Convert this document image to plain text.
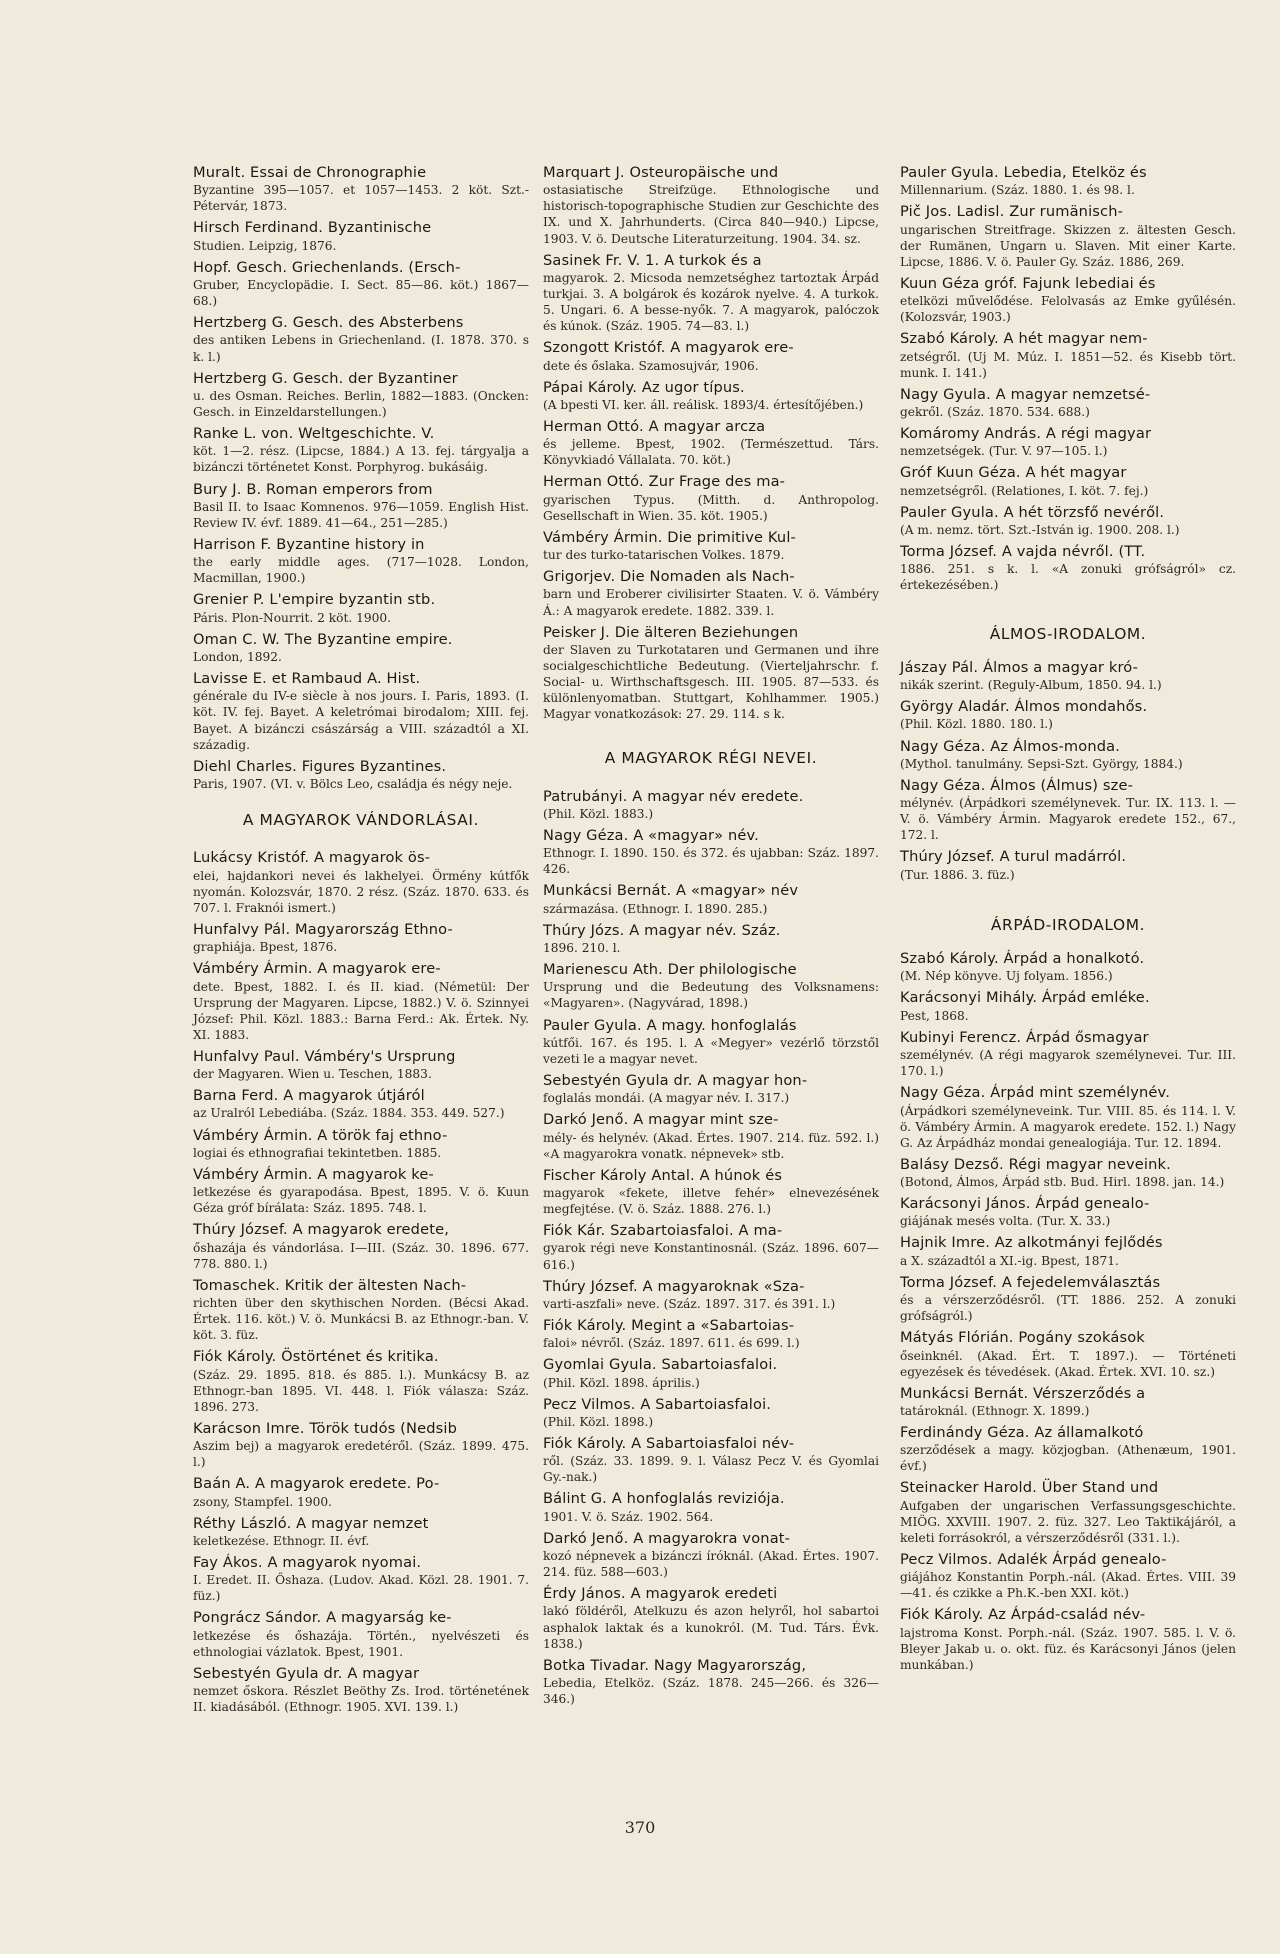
Muralt. Essai de Chronographie
Byzantine 395—1057. et 1057—1453. 2 köt. Szt.-Pétervár, 1873.
Hirsch Ferdinand. Byzantinische
Studien. Leipzig, 1876.
Hopf. Gesch. Griechenlands. (Ersch-
Gruber, Encyclopädie. I. Sect. 85—86. köt.) 1867—68.)
Hertzberg G. Gesch. des Absterbens
des antiken Lebens in Griechenland. (I. 1878. 370. s k. l.)
Hertzberg G. Gesch. der Byzantiner
u. des Osman. Reiches. Berlin, 1882—1883. (Oncken: Gesch. in Einzeldarstellungen.)
Ranke L. von. Weltgeschichte. V.
köt. 1—2. rész. (Lipcse, 1884.) A 13. fej. tárgyalja a bizánczi történetet Konst. Porphyrog. bukásáig.
Bury J. B. Roman emperors from
Basil II. to Isaac Komnenos. 976—1059. English Hist. Review IV. évf. 1889. 41—64., 251—285.)
Harrison F. Byzantine history in
the early middle ages. (717—1028. London, Macmillan, 1900.)
Grenier P. L'empire byzantin stb.
Páris. Plon-Nourrit. 2 köt. 1900.
Oman C. W. The Byzantine empire.
London, 1892.
Lavisse E. et Rambaud A. Hist.
générale du IV-e siècle à nos jours. I. Paris, 1893. (I. köt. IV. fej. Bayet. A keletrómai birodalom; XIII. fej. Bayet. A bizánczi császárság a VIII. századtól a XI. századig.
Diehl Charles. Figures Byzantines.
Paris, 1907. (VI. v. Bölcs Leo, családja és négy neje.
A MAGYAROK VÁNDORLÁSAI.
Lukácsy Kristóf. A magyarok ös-
elei, hajdankori nevei és lakhelyei. Örmény kútfők nyomán. Kolozsvár, 1870. 2 rész. (Száz. 1870. 633. és 707. l. Fraknói ismert.)
Hunfalvy Pál. Magyarország Ethno-
graphiája. Bpest, 1876.
Vámbéry Ármin. A magyarok ere-
dete. Bpest, 1882. I. és II. kiad. (Németül: Der Ursprung der Magyaren. Lipcse, 1882.) V. ö. Szinnyei József: Phil. Közl. 1883.: Barna Ferd.: Ak. Értek. Ny. XI. 1883.
Hunfalvy Paul. Vámbéry's Ursprung
der Magyaren. Wien u. Teschen, 1883.
Barna Ferd. A magyarok útjáról
az Uralról Lebediába. (Száz. 1884. 353. 449. 527.)
Vámbéry Ármin. A török faj ethno-
logiai és ethnografiai tekintetben. 1885.
Vámbéry Ármin. A magyarok ke-
letkezése és gyarapodása. Bpest, 1895. V. ö. Kuun Géza gróf bírálata: Száz. 1895. 748. l.
Thúry József. A magyarok eredete,
őshazája és vándorlása. I—III. (Száz. 30. 1896. 677. 778. 880. l.)
Tomaschek. Kritik der ältesten Nach-
richten über den skythischen Norden. (Bécsi Akad. Értek. 116. köt.) V. ö. Munkácsi B. az Ethnogr.-ban. V. köt. 3. füz.
Fiók Károly. Östörténet és kritika.
(Száz. 29. 1895. 818. és 885. l.). Munkácsy B. az Ethnogr.-ban 1895. VI. 448. l. Fiók válasza: Száz. 1896. 273.
Karácson Imre. Török tudós (Nedsib
Aszim bej) a magyarok eredetéről. (Száz. 1899. 475. l.)
Baán A. A magyarok eredete. Po-
zsony, Stampfel. 1900.
Réthy László. A magyar nemzet
keletkezése. Ethnogr. II. évf.
Fay Ákos. A magyarok nyomai.
I. Eredet. II. Őshaza. (Ludov. Akad. Közl. 28. 1901. 7. füz.)
Pongrácz Sándor. A magyarság ke-
letkezése és őshazája. Történ., nyelvészeti és ethnologiai vázlatok. Bpest, 1901.
Sebestyén Gyula dr. A magyar
nemzet őskora. Részlet Beöthy Zs. Irod. történetének II. kiadásából. (Ethnogr. 1905. XVI. 139. l.)
Marquart J. Osteuropäische und
ostasiatische Streifzüge. Ethnologische und historisch-topographische Studien zur Geschichte des IX. und X. Jahrhunderts. (Circa 840—940.) Lipcse, 1903. V. ö. Deutsche Literaturzeitung. 1904. 34. sz.
Sasinek Fr. V. 1. A turkok és a
magyarok. 2. Micsoda nemzetséghez tartoztak Árpád turkjai. 3. A bolgárok és kozárok nyelve. 4. A turkok. 5. Ungari. 6. A besse-nyők. 7. A magyarok, palóczok és kúnok. (Száz. 1905. 74—83. l.)
Szongott Kristóf. A magyarok ere-
dete és őslaka. Szamosujvár, 1906.
Pápai Károly. Az ugor típus.
(A bpesti VI. ker. áll. reálisk. 1893/4. értesítőjében.)
Herman Ottó. A magyar arcza
és jelleme. Bpest, 1902. (Természettud. Társ. Könyvkiadó Vállalata. 70. köt.)
Herman Ottó. Zur Frage des ma-
gyarischen Typus. (Mitth. d. Anthropolog. Gesellschaft in Wien. 35. köt. 1905.)
Vámbéry Ármin. Die primitive Kul-
tur des turko-tatarischen Volkes. 1879.
Grigorjev. Die Nomaden als Nach-
barn und Eroberer civilisirter Staaten. V. ö. Vámbéry Á.: A magyarok eredete. 1882. 339. l.
Peisker J. Die älteren Beziehungen
der Slaven zu Turkotataren und Germanen und ihre socialgeschichtliche Bedeutung. (Vierteljahrschr. f. Social- u. Wirthschaftsgesch. III. 1905. 87—533. és különlenyomatban. Stuttgart, Kohlhammer. 1905.) Magyar vonatkozások: 27. 29. 114. s k.
A MAGYAROK RÉGI NEVEI.
Patrubányi. A magyar név eredete.
(Phil. Közl. 1883.)
Nagy Géza. A «magyar» név.
Ethnogr. I. 1890. 150. és 372. és ujabban: Száz. 1897. 426.
Munkácsi Bernát. A «magyar» név
származása. (Ethnogr. I. 1890. 285.)
Thúry Józs. A magyar név. Száz.
1896. 210. l.
Marienescu Ath. Der philologische
Ursprung und die Bedeutung des Volksnamens: «Magyaren». (Nagyvárad, 1898.)
Pauler Gyula. A magy. honfoglalás
kútfői. 167. és 195. l. A «Megyer» vezérlő törzstől vezeti le a magyar nevet.
Sebestyén Gyula dr. A magyar hon-
foglalás mondái. (A magyar név. I. 317.)
Darkó Jenő. A magyar mint sze-
mély- és helynév. (Akad. Értes. 1907. 214. füz. 592. l.) «A magyarokra vonatk. népnevek» stb.
Fischer Károly Antal. A húnok és
magyarok «fekete, illetve fehér» elnevezésének megfejtése. (V. ö. Száz. 1888. 276. l.)
Fiók Kár. Szabartoiasfaloi. A ma-
gyarok régi neve Konstantinosnál. (Száz. 1896. 607—616.)
Thúry József. A magyaroknak «Sza-
varti-aszfali» neve. (Száz. 1897. 317. és 391. l.)
Fiók Károly. Megint a «Sabartoias-
faloi» névről. (Száz. 1897. 611. és 699. l.)
Gyomlai Gyula. Sabartoiasfaloi.
(Phil. Közl. 1898. április.)
Pecz Vilmos. A Sabartoiasfaloi.
(Phil. Közl. 1898.)
Fiók Károly. A Sabartoiasfaloi név-
ről. (Száz. 33. 1899. 9. l. Válasz Pecz V. és Gyomlai Gy.-nak.)
Bálint G. A honfoglalás reviziója.
1901. V. ö. Száz. 1902. 564.
Darkó Jenő. A magyarokra vonat-
kozó népnevek a bizánczi íróknál. (Akad. Értes. 1907. 214. füz. 588—603.)
Érdy János. A magyarok eredeti
lakó földéről, Atelkuzu és azon helyről, hol sabartoi asphalok laktak és a kunokról. (M. Tud. Társ. Évk. 1838.)
Botka Tivadar. Nagy Magyarország,
Lebedia, Etelköz. (Száz. 1878. 245—266. és 326—346.)
Pauler Gyula. Lebedia, Etelköz és
Millennarium. (Száz. 1880. 1. és 98. l.
Pič Jos. Ladisl. Zur rumänisch-
ungarischen Streitfrage. Skizzen z. ältesten Gesch. der Rumänen, Ungarn u. Slaven. Mit einer Karte. Lipcse, 1886. V. ö. Pauler Gy. Száz. 1886, 269.
Kuun Géza gróf. Fajunk lebediai és
etelközi művelődése. Felolvasás az Emke gyűlésén. (Kolozsvár, 1903.)
Szabó Károly. A hét magyar nem-
zetségről. (Uj M. Múz. I. 1851—52. és Kisebb tört. munk. I. 141.)
Nagy Gyula. A magyar nemzetsé-
gekről. (Száz. 1870. 534. 688.)
Komáromy András. A régi magyar
nemzetségek. (Tur. V. 97—105. l.)
Gróf Kuun Géza. A hét magyar
nemzetségről. (Relationes, I. köt. 7. fej.)
Pauler Gyula. A hét törzsfő nevéről.
(A m. nemz. tört. Szt.-István ig. 1900. 208. l.)
Torma József. A vajda névről. (TT.
1886. 251. s k. l. «A zonuki grófságról» cz. értekezésében.)
ÁLMOS-IRODALOM.
Jászay Pál. Álmos a magyar kró-
nikák szerint. (Reguly-Album, 1850. 94. l.)
György Aladár. Álmos mondahős.
(Phil. Közl. 1880. 180. l.)
Nagy Géza. Az Álmos-monda.
(Mythol. tanulmány. Sepsi-Szt. György, 1884.)
Nagy Géza. Álmos (Álmus) sze-
mélynév. (Árpádkori személynevek. Tur. IX. 113. l. — V. ö. Vámbéry Ármin. Magyarok eredete 152., 67., 172. l.
Thúry József. A turul madárról.
(Tur. 1886. 3. füz.)
ÁRPÁD-IRODALOM.
Szabó Károly. Árpád a honalkotó.
(M. Nép könyve. Uj folyam. 1856.)
Karácsonyi Mihály. Árpád emléke.
Pest, 1868.
Kubinyi Ferencz. Árpád ősmagyar
személynév. (A régi magyarok személynevei. Tur. III. 170. l.)
Nagy Géza. Árpád mint személynév.
(Árpádkori személyneveink. Tur. VIII. 85. és 114. l. V. ö. Vámbéry Ármin. A magyarok eredete. 152. l.) Nagy G. Az Árpádház mondai genealogiája. Tur. 12. 1894.
Balásy Dezső. Régi magyar neveink.
(Botond, Álmos, Árpád stb. Bud. Hirl. 1898. jan. 14.)
Karácsonyi János. Árpád genealo-
giájának mesés volta. (Tur. X. 33.)
Hajnik Imre. Az alkotmányi fejlődés
a X. századtól a XI.-ig. Bpest, 1871.
Torma József. A fejedelemválasztás
és a vérszerződésről. (TT. 1886. 252. A zonuki grófságról.)
Mátyás Flórián. Pogány szokások
őseinknél. (Akad. Ért. T. 1897.). — Történeti egyezések és tévedések. (Akad. Értek. XVI. 10. sz.)
Munkácsi Bernát. Vérszerződés a
tatároknál. (Ethnogr. X. 1899.)
Ferdinándy Géza. Az államalkotó
szerződések a magy. közjogban. (Athenæum, 1901. évf.)
Steinacker Harold. Über Stand und
Aufgaben der ungarischen Verfassungsgeschichte. MIÖG. XXVIII. 1907. 2. füz. 327. Leo Taktikájáról, a keleti forrásokról, a vérszerződésről (331. l.).
Pecz Vilmos. Adalék Árpád genealo-
giájához Konstantin Porph.-nál. (Akad. Értes. VIII. 39—41. és czikke a Ph.K.-ben XXI. köt.)
Fiók Károly. Az Árpád-család név-
lajstroma Konst. Porph.-nál. (Száz. 1907. 585. l. V. ö. Bleyer Jakab u. o. okt. füz. és Karácsonyi János (jelen munkában.)
370
